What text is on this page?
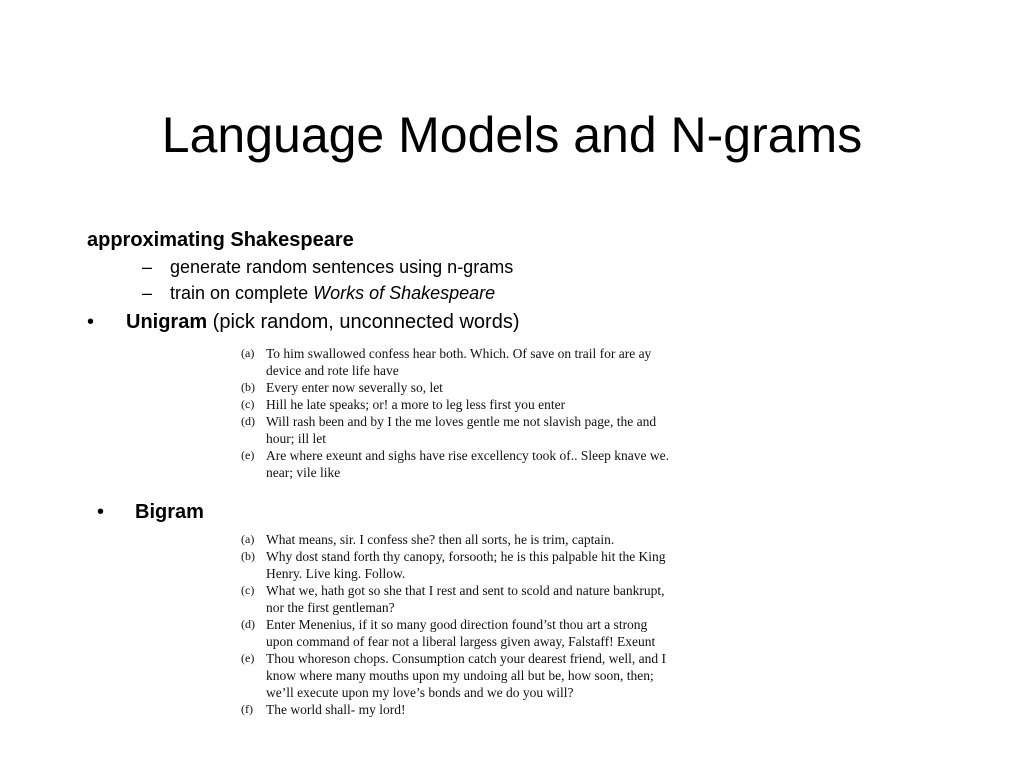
Language Models and N-grams
approximating Shakespeare
– generate random sentences using n-grams
– train on complete Works of Shakespeare
• Unigram (pick random, unconnected words)
(a) To him swallowed confess hear both. Which. Of save on trail for are ay device and rote life have
(b) Every enter now severally so, let
(c) Hill he late speaks; or! a more to leg less first you enter
(d) Will rash been and by I the me loves gentle me not slavish page, the and hour; ill let
(e) Are where exeunt and sighs have rise excellency took of.. Sleep knave we. near; vile like
• Bigram
(a) What means, sir. I confess she? then all sorts, he is trim, captain.
(b) Why dost stand forth thy canopy, forsooth; he is this palpable hit the King Henry. Live king. Follow.
(c) What we, hath got so she that I rest and sent to scold and nature bankrupt, nor the first gentleman?
(d) Enter Menenius, if it so many good direction found’st thou art a strong upon command of fear not a liberal largess given away, Falstaff! Exeunt
(e) Thou whoreson chops. Consumption catch your dearest friend, well, and I know where many mouths upon my undoing all but be, how soon, then; we’ll execute upon my love’s bonds and we do you will?
(f) The world shall- my lord!
